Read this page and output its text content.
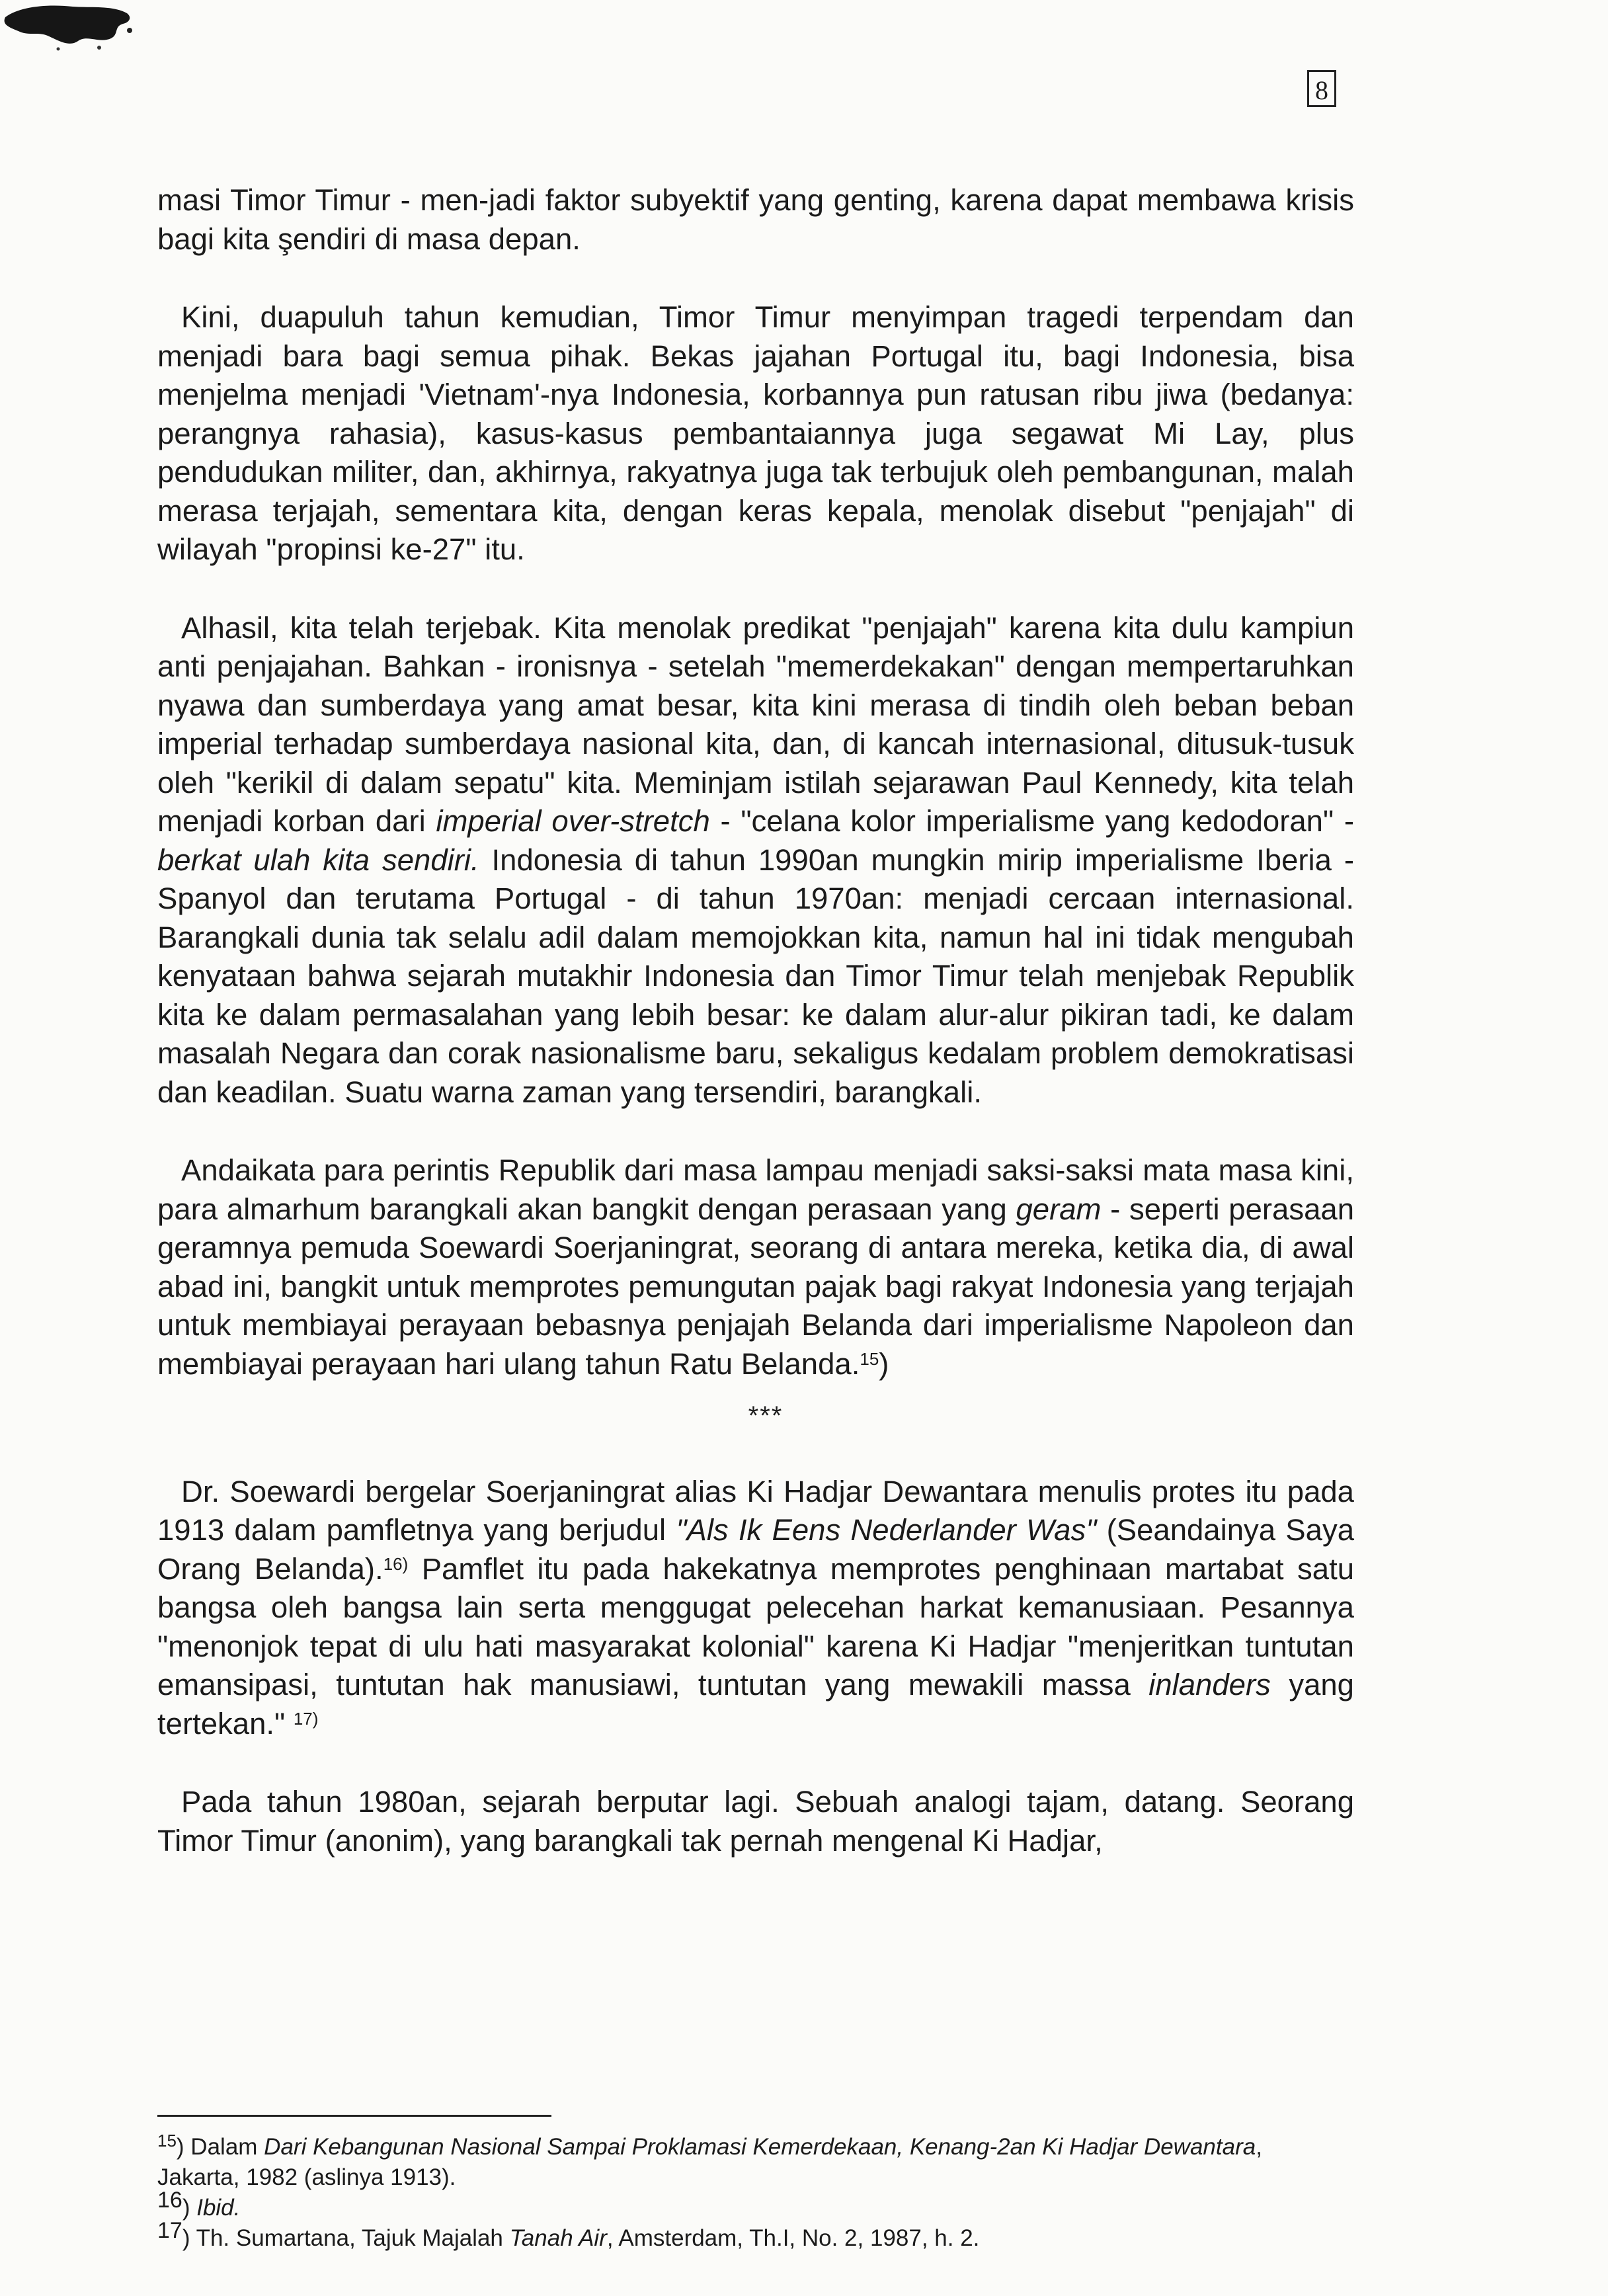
8

masi Timor Timur - men-jadi faktor subyektif yang genting, karena dapat membawa krisis bagi kita şendiri di masa depan.

Kini, duapuluh tahun kemudian, Timor Timur menyimpan tragedi terpendam dan menjadi bara bagi semua pihak. Bekas jajahan Portugal itu, bagi Indonesia, bisa menjelma menjadi 'Vietnam'-nya Indonesia, korbannya pun ratusan ribu jiwa (bedanya: perangnya rahasia), kasus-kasus pembantaiannya juga segawat Mi Lay, plus pendudukan militer, dan, akhirnya, rakyatnya juga tak terbujuk oleh pembangunan, malah merasa terjajah, sementara kita, dengan keras kepala, menolak disebut "penjajah" di wilayah "propinsi ke-27" itu.

Alhasil, kita telah terjebak. Kita menolak predikat "penjajah" karena kita dulu kampiun anti penjajahan. Bahkan - ironisnya - setelah "memerdekakan" dengan mempertaruhkan nyawa dan sumberdaya yang amat besar, kita kini merasa di tindih oleh beban beban imperial terhadap sumberdaya nasional kita, dan, di kancah internasional, ditusuk-tusuk oleh "kerikil di dalam sepatu" kita. Meminjam istilah sejarawan Paul Kennedy, kita telah menjadi korban dari imperial over-stretch - "celana kolor imperialisme yang kedodoran" - berkat ulah kita sendiri. Indonesia di tahun 1990an mungkin mirip imperialisme Iberia - Spanyol dan terutama Portugal - di tahun 1970an: menjadi cercaan internasional. Barangkali dunia tak selalu adil dalam memojokkan kita, namun hal ini tidak mengubah kenyataan bahwa sejarah mutakhir Indonesia dan Timor Timur telah menjebak Republik kita ke dalam permasalahan yang lebih besar: ke dalam alur-alur pikiran tadi, ke dalam masalah Negara dan corak nasionalisme baru, sekaligus kedalam problem demokratisasi dan keadilan. Suatu warna zaman yang tersendiri, barangkali.

Andaikata para perintis Republik dari masa lampau menjadi saksi-saksi mata masa kini, para almarhum barangkali akan bangkit dengan perasaan yang geram - seperti perasaan geramnya pemuda Soewardi Soerjaningrat, seorang di antara mereka, ketika dia, di awal abad ini, bangkit untuk memprotes pemungutan pajak bagi rakyat Indonesia yang terjajah untuk membiayai perayaan bebasnya penjajah Belanda dari imperialisme Napoleon dan membiayai perayaan hari ulang tahun Ratu Belanda.$^{15}$)

***

Dr. Soewardi bergelar Soerjaningrat alias Ki Hadjar Dewantara menulis protes itu pada 1913 dalam pamfletnya yang berjudul "Als Ik Eens Nederlander Was" (Seandainya Saya Orang Belanda).$^{16)}$ Pamflet itu pada hakekatnya memprotes penghinaan martabat satu bangsa oleh bangsa lain serta menggugat pelecehan harkat kemanusiaan. Pesannya "menonjok tepat di ulu hati masyarakat kolonial" karena Ki Hadjar "menjeritkan tuntutan emansipasi, tuntutan hak manusiawi, tuntutan yang mewakili massa inlanders yang tertekan." $^{17)}$

Pada tahun 1980an, sejarah berputar lagi. Sebuah analogi tajam, datang. Seorang Timor Timur (anonim), yang barangkali tak pernah mengenal Ki Hadjar,

$^{15}$) Dalam Dari Kebangunan Nasional Sampai Proklamasi Kemerdekaan, Kenang-2an Ki Hadjar Dewantara, Jakarta, 1982 (aslinya 1913).

16) Ibid.

17) Th. Sumartana, Tajuk Majalah Tanah Air, Amsterdam, Th.I, No. 2, 1987, h. 2.
